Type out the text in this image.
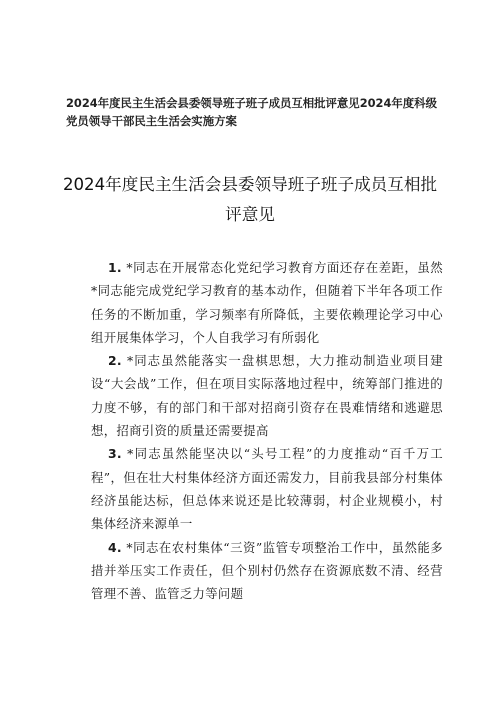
2024年度民主生活会县委领导班子班子成员互相批评意见2024年度科级党员领导干部民主生活会实施方案
2024年度民主生活会县委领导班子班子成员互相批评意见

1. *同志在开展常态化党纪学习教育方面还存在差距，虽然*同志能完成党纪学习教育的基本动作，但随着下半年各项工作任务的不断加重，学习频率有所降低，主要依赖理论学习中心组开展集体学习，个人自我学习有所弱化

2. *同志虽然能落实一盘棋思想，大力推动制造业项目建设“大会战”工作，但在项目实际落地过程中，统筹部门推进的力度不够，有的部门和干部对招商引资存在畏难情绪和逃避思想，招商引资的质量还需要提高

3. *同志虽然能坚决以“头号工程”的力度推动“百千万工程”，但在壮大村集体经济方面还需发力，目前我县部分村集体经济虽能达标，但总体来说还是比较薄弱，村企业规模小，村集体经济来源单一

4. *同志在农村集体“三资”监管专项整治工作中，虽然能多措并举压实工作责任，但个别村仍然存在资源底数不清、经营管理不善、监管乏力等问题
